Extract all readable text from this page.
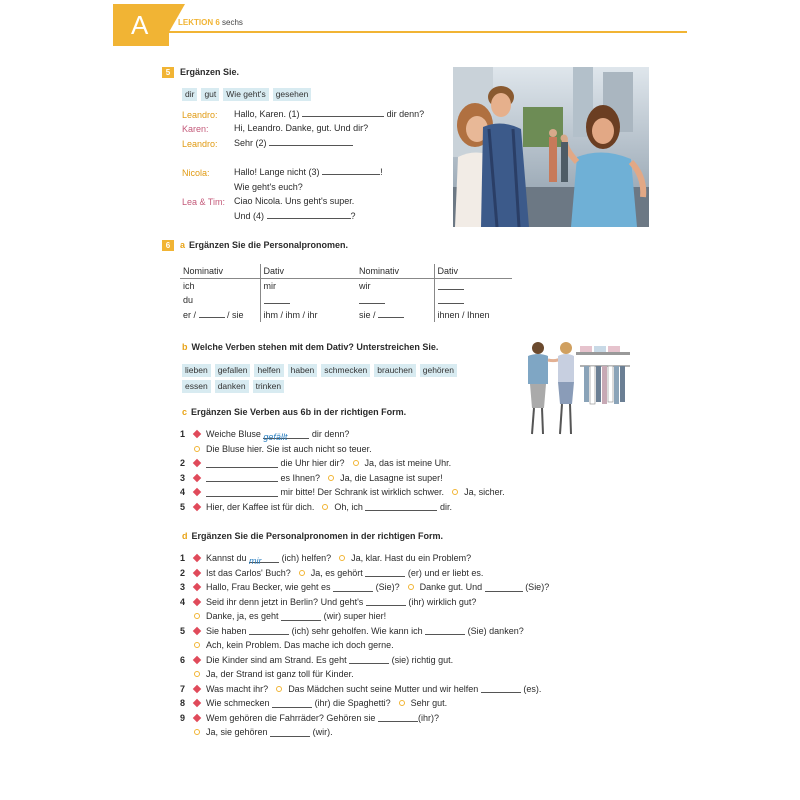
A	LEKTION 6 sechs
5 Ergänzen Sie.
dir	gut	Wie geht's	gesehen
Leandro: Hallo, Karen. (1)	dir denn?
Karen:	Hi, Leandro. Danke, gut. Und dir?
Leandro: Sehr (2)
Nicola:	Hallo! Lange nicht (3)	!
Wie geht's euch?
Lea & Tim: Ciao Nicola. Uns geht's super.
Und (4)	?
6 a Ergänzen Sie die Personalpronomen.
Nominativ	Dativ		Nominativ	Dativ
ich	mir		wir	
du				
er / / sie	ihm / ihm / ihr		sie /	ihnen / Ihnen
b Welche Verben stehen mit dem Dativ? Unterstreichen Sie.
lieben	gefallen	helfen	haben	schmecken	brauchen	gehören
essen	danken	trinken
c Ergänzen Sie Verben aus 6b in der richtigen Form.
1	Weiche Bluse
gefällt
	dir denn?
Die Bluse hier. Sie ist auch nicht so teuer.
2
	die Uhr hier dir? Ja, das ist meine Uhr.
3
	es Ihnen? Ja, die Lasagne ist super!
4
	mir bitte! Der Schrank ist wirklich schwer. Ja, sicher.
5	Hier, der Kaffee ist für dich. Oh, ich

	dir.
d Ergänzen Sie die Personalpronomen in der richtigen Form.
1	Kannst du
mir
	(ich) helfen? Ja, klar. Hast du ein Problem?
2	Ist das Carlos' Buch? Ja, es gehört

	(er) und er liebt es.
3	Hallo, Frau Becker, wie geht es

	(Sie)? Danke gut. Und

	(Sie)?
4	Seid ihr denn jetzt in Berlin? Und geht's

	(ihr) wirklich gut?
Danke, ja, es geht

	(wir) super hier!
5	Sie haben

	(ich) sehr geholfen. Wie kann ich

	(Sie) danken?
Ach, kein Problem. Das mache ich doch gerne.
6	Die Kinder sind am Strand. Es geht

	(sie) richtig gut.
Ja, der Strand ist ganz toll für Kinder.
7	Was macht ihr? Das Mädchen sucht seine Mutter und wir helfen

	(es).
8	Wie schmecken

	(ihr) die Spaghetti? Sehr gut.
9	Wem gehören die Fahrräder? Gehören sie
	(ihr)?
Ja, sie gehören

	(wir).
